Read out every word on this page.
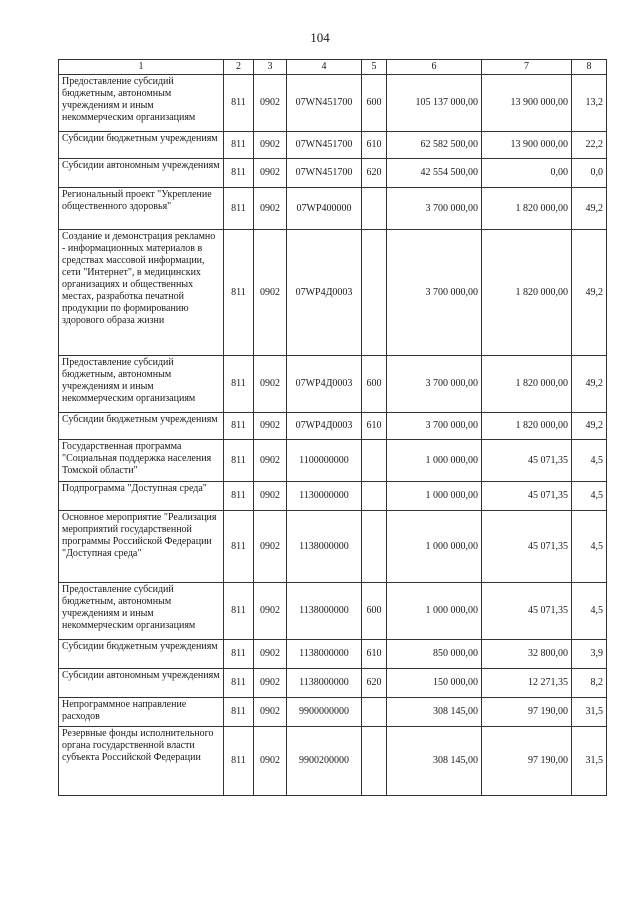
104
1	2	3	4	5	6	7	8
Предоставление субсидий бюджетным, автономным учреждениям и иным некоммерческим организациям	811	0902	07WN451700	600	105 137 000,00	13 900 000,00	13,2
Субсидии бюджетным учреждениям	811	0902	07WN451700	610	62 582 500,00	13 900 000,00	22,2
Субсидии автономным учреждениям	811	0902	07WN451700	620	42 554 500,00	0,00	0,0
Региональный проект "Укрепление общественного здоровья"	811	0902	07WP400000		3 700 000,00	1 820 000,00	49,2
Создание и демонстрация рекламно - информационных материалов в средствах массовой информации, сети "Интернет", в медицинских организациях и общественных местах, разработка печатной продукции по формированию здорового образа жизни	811	0902	07WP4Д0003		3 700 000,00	1 820 000,00	49,2
Предоставление субсидий бюджетным, автономным учреждениям и иным некоммерческим организациям	811	0902	07WP4Д0003	600	3 700 000,00	1 820 000,00	49,2
Субсидии бюджетным учреждениям	811	0902	07WP4Д0003	610	3 700 000,00	1 820 000,00	49,2
Государственная программа "Социальная поддержка населения Томской области"	811	0902	1100000000		1 000 000,00	45 071,35	4,5
Подпрограмма "Доступная среда"	811	0902	1130000000		1 000 000,00	45 071,35	4,5
Основное мероприятие "Реализация мероприятий государственной программы Российской Федерации "Доступная среда"	811	0902	1138000000		1 000 000,00	45 071,35	4,5
Предоставление субсидий бюджетным, автономным учреждениям и иным некоммерческим организациям	811	0902	1138000000	600	1 000 000,00	45 071,35	4,5
Субсидии бюджетным учреждениям	811	0902	1138000000	610	850 000,00	32 800,00	3,9
Субсидии автономным учреждениям	811	0902	1138000000	620	150 000,00	12 271,35	8,2
Непрограммное направление расходов	811	0902	9900000000		308 145,00	97 190,00	31,5
Резервные фонды исполнительного органа государственной власти субъекта Российской Федерации	811	0902	9900200000		308 145,00	97 190,00	31,5
